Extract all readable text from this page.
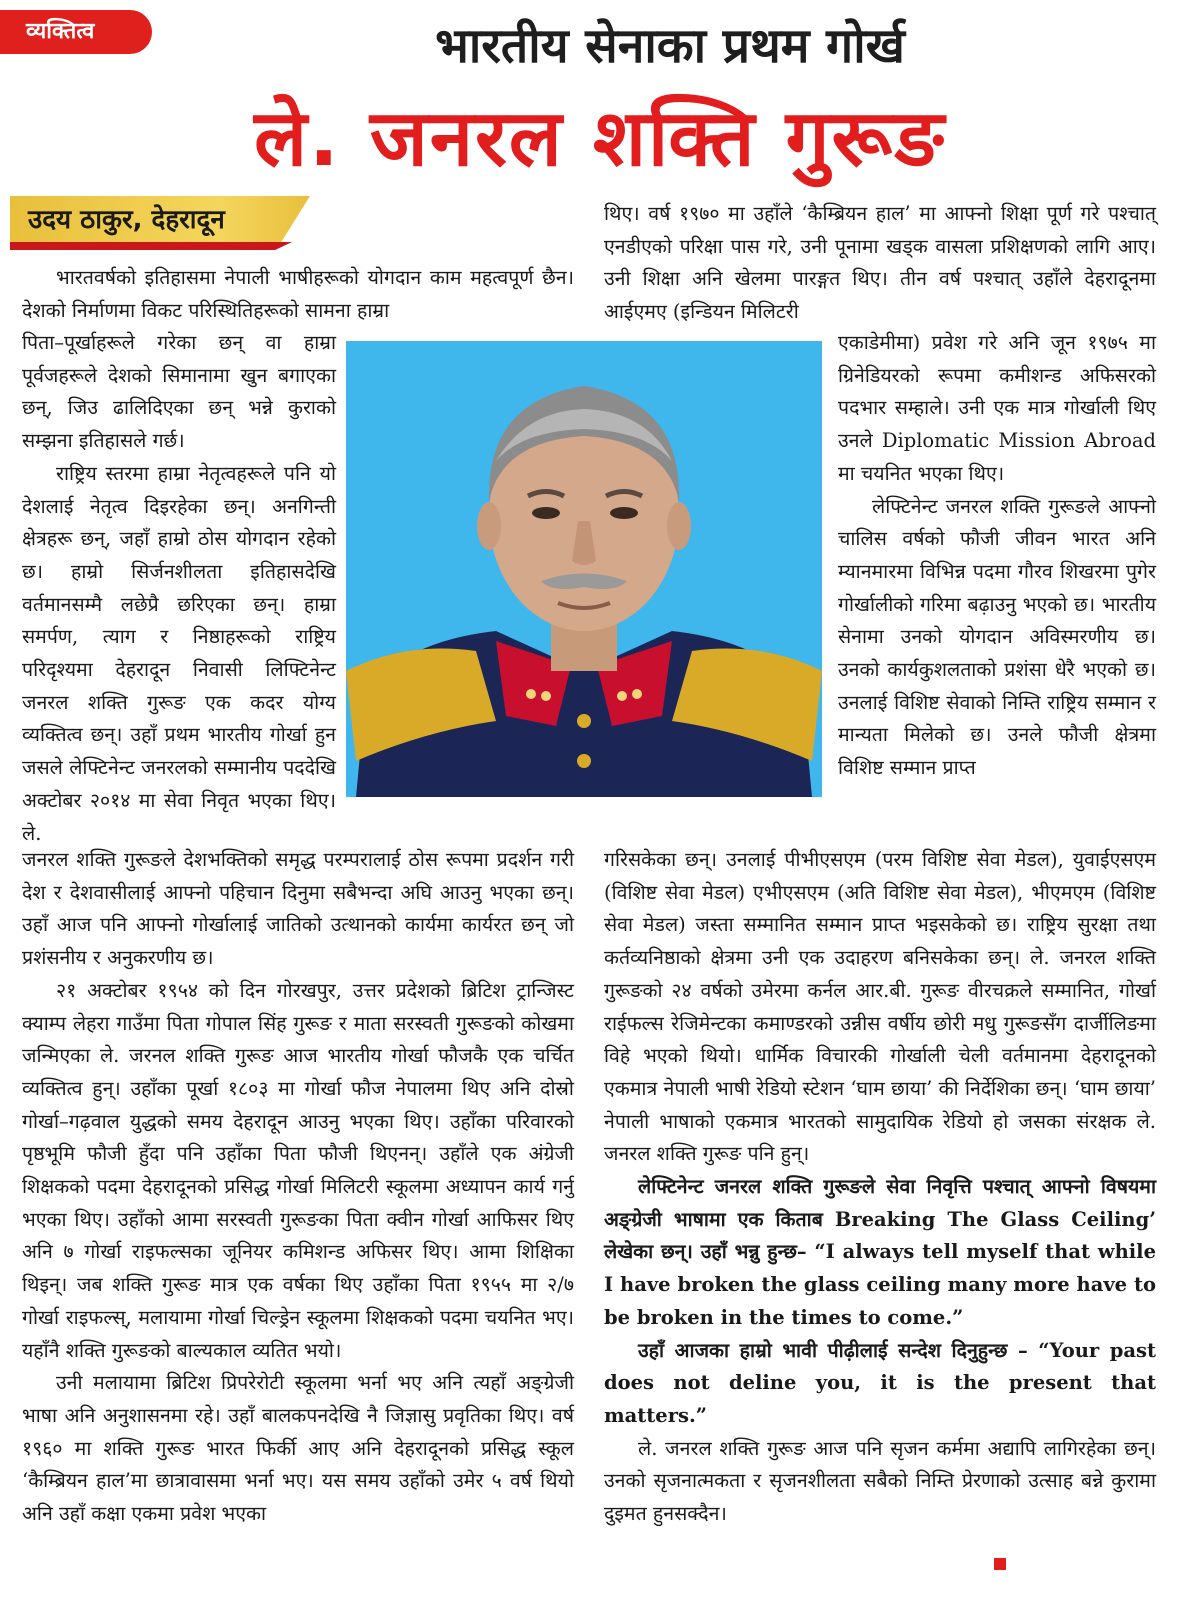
व्यक्तित्व	भारतीय सेनाका प्रथम गोर्ख
ले. जनरल शक्ति गुरूङ
उदय ठाकुर, देहरादून

भारतवर्षको इतिहासमा नेपाली भाषीहरूको योगदान काम महत्वपूर्ण छैन। देशको निर्माणमा विकट परिस्थितिहरूको सामना हाम्रा

पिता–पूर्खाहरूले गरेका छन् वा हाम्रा पूर्वजहरूले देशको सिमानामा खुन बगाएका छन्, जिउ ढालिदिएका छन् भन्ने कुराको सम्झना इतिहासले गर्छ।

राष्ट्रिय स्तरमा हाम्रा नेतृत्वहरूले पनि यो देशलाई नेतृत्व दिइरहेका छन्। अनगिन्ती क्षेत्रहरू छन्, जहाँ हाम्रो ठोस योगदान रहेको छ। हाम्रो सिर्जनशीलता इतिहासदेखि वर्तमानसम्मै लछेप्रै छरिएका छन्। हाम्रा समर्पण, त्याग र निष्ठाहरूको राष्ट्रिय परिदृश्यमा देहरादून निवासी लिफ्टिनेन्ट जनरल शक्ति गुरूङ एक कदर योग्य व्यक्तित्व छन्। उहाँ प्रथम भारतीय गोर्खा हुन जसले लेफ्टिनेन्ट जनरलको सम्मानीय पददेखि अक्टोबर २०१४ मा सेवा निवृत भएका थिए। ले.

जनरल शक्ति गुरूङले देशभक्तिको समृद्ध परम्परालाई ठोस रूपमा प्रदर्शन गरी देश र देशवासीलाई आफ्नो पहिचान दिनुमा सबैभन्दा अघि आउनु भएका छन्। उहाँ आज पनि आफ्नो गोर्खालाई जातिको उत्थानको कार्यमा कार्यरत छन् जो प्रशंसनीय र अनुकरणीय छ।

२१ अक्टोबर १९५४ को दिन गोरखपुर, उत्तर प्रदेशको ब्रिटिश ट्रान्जिस्ट क्याम्प लेहरा गाउँमा पिता गोपाल सिंह गुरूङ र माता सरस्वती गुरूङको कोखमा जन्मिएका ले. जरनल शक्ति गुरूङ आज भारतीय गोर्खा फौजकै एक चर्चित व्यक्तित्व हुन्। उहाँका पूर्खा १८०३ मा गोर्खा फौज नेपालमा थिए अनि दोस्रो गोर्खा–गढ़वाल युद्धको समय देहरादून आउनु भएका थिए। उहाँका परिवारको पृष्ठभूमि फौजी हुँदा पनि उहाँका पिता फौजी थिएनन्। उहाँले एक अंग्रेजी शिक्षकको पदमा देहरादूनको प्रसिद्ध गोर्खा मिलिटरी स्कूलमा अध्यापन कार्य गर्नु भएका थिए। उहाँको आमा सरस्वती गुरूङका पिता क्वीन गोर्खा आफिसर थिए अनि ७ गोर्खा राइफल्सका जूनियर कमिशन्ड अफिसर थिए। आमा शिक्षिका थिइन्। जब शक्ति गुरूङ मात्र एक वर्षका थिए उहाँका पिता १९५५ मा २/७ गोर्खा राइफल्स्, मलायामा गोर्खा चिल्ड्रेन स्कूलमा शिक्षकको पदमा चयनित भए। यहाँनै शक्ति गुरूङको बाल्यकाल व्यतित भयो।

उनी मलायामा ब्रिटिश प्रिपरेरोटी स्कूलमा भर्ना भए अनि त्यहाँ अङ्ग्रेजी भाषा अनि अनुशासनमा रहे। उहाँ बालकपनदेखि नै जिज्ञासु प्रवृतिका थिए। वर्ष १९६० मा शक्ति गुरूङ भारत फिर्की आए अनि देहरादूनको प्रसिद्ध स्कूल ‘कैम्ब्रियन हाल’मा छात्रावासमा भर्ना भए। यस समय उहाँको उमेर ५ वर्ष थियो अनि उहाँ कक्षा एकमा प्रवेश भएका

थिए। वर्ष १९७० मा उहाँले ‘कैम्ब्रियन हाल’ मा आफ्नो शिक्षा पूर्ण गरे पश्चात् एनडीएको परिक्षा पास गरे, उनी पूनामा खड्क वासला प्रशिक्षणको लागि आए। उनी शिक्षा अनि खेलमा पारङ्गत थिए। तीन वर्ष पश्चात् उहाँले देहरादूनमा आईएमए (इन्डियन मिलिटरी

एकाडेमीमा) प्रवेश गरे अनि जून १९७५ मा ग्रिनेडियरको रूपमा कमीशन्ड अफिसरको पदभार सम्हाले। उनी एक मात्र गोर्खाली थिए उनले Diplomatic Mission Abroad मा चयनित भएका थिए।

लेफ्टिनेन्ट जनरल शक्ति गुरूङले आफ्नो चालिस वर्षको फौजी जीवन भारत अनि म्यानमारमा विभिन्न पदमा गौरव शिखरमा पुगेर गोर्खालीको गरिमा बढ़ाउनु भएको छ। भारतीय सेनामा उनको योगदान अविस्मरणीय छ। उनको कार्यकुशलताको प्रशंसा धेरै भएको छ। उनलाई विशिष्ट सेवाको निम्ति राष्ट्रिय सम्मान र मान्यता मिलेको छ। उनले फौजी क्षेत्रमा विशिष्ट सम्मान प्राप्त

गरिसकेका छन्। उनलाई पीभीएसएम (परम विशिष्ट सेवा मेडल), युवाईएसएम (विशिष्ट सेवा मेडल) एभीएसएम (अति विशिष्ट सेवा मेडल), भीएमएम (विशिष्ट सेवा मेडल) जस्ता सम्मानित सम्मान प्राप्त भइसकेको छ। राष्ट्रिय सुरक्षा तथा कर्तव्यनिष्ठाको क्षेत्रमा उनी एक उदाहरण बनिसकेका छन्। ले. जनरल शक्ति गुरूङको २४ वर्षको उमेरमा कर्नल आर.बी. गुरूङ वीरचक्रले सम्मानित, गोर्खा राईफल्स रेजिमेन्टका कमाण्डरको उन्नीस वर्षीय छोरी मधु गुरूङसँग दार्जीलिङमा विहे भएको थियो। धार्मिक विचारकी गोर्खाली चेली वर्तमानमा देहरादूनको एकमात्र नेपाली भाषी रेडियो स्टेशन ‘घाम छाया’ की निर्देशिका छन्। ‘घाम छाया’ नेपाली भाषाको एकमात्र भारतको सामुदायिक रेडियो हो जसका संरक्षक ले. जनरल शक्ति गुरूङ पनि हुन्।

लेफ्टिनेन्ट जनरल शक्ति गुरूङले सेवा निवृत्ति पश्चात् आफ्नो विषयमा अङ्ग्रेजी भाषामा एक किताब Breaking The Glass Ceiling’ लेखेका छन्। उहाँ भन्नु हुन्छ– “I always tell myself that while I have broken the glass ceiling many more have to be broken in the times to come.”

उहाँ आजका हाम्रो भावी पीढ़ीलाई सन्देश दिनुहुन्छ – “Your past does not deline you, it is the present that matters.”

ले. जनरल शक्ति गुरूङ आज पनि सृजन कर्ममा अद्यापि लागिरहेका छन्। उनको सृजनात्मकता र सृजनशीलता सबैको निम्ति प्रेरणाको उत्साह बन्ने कुरामा दुइमत हुनसक्दैन।
